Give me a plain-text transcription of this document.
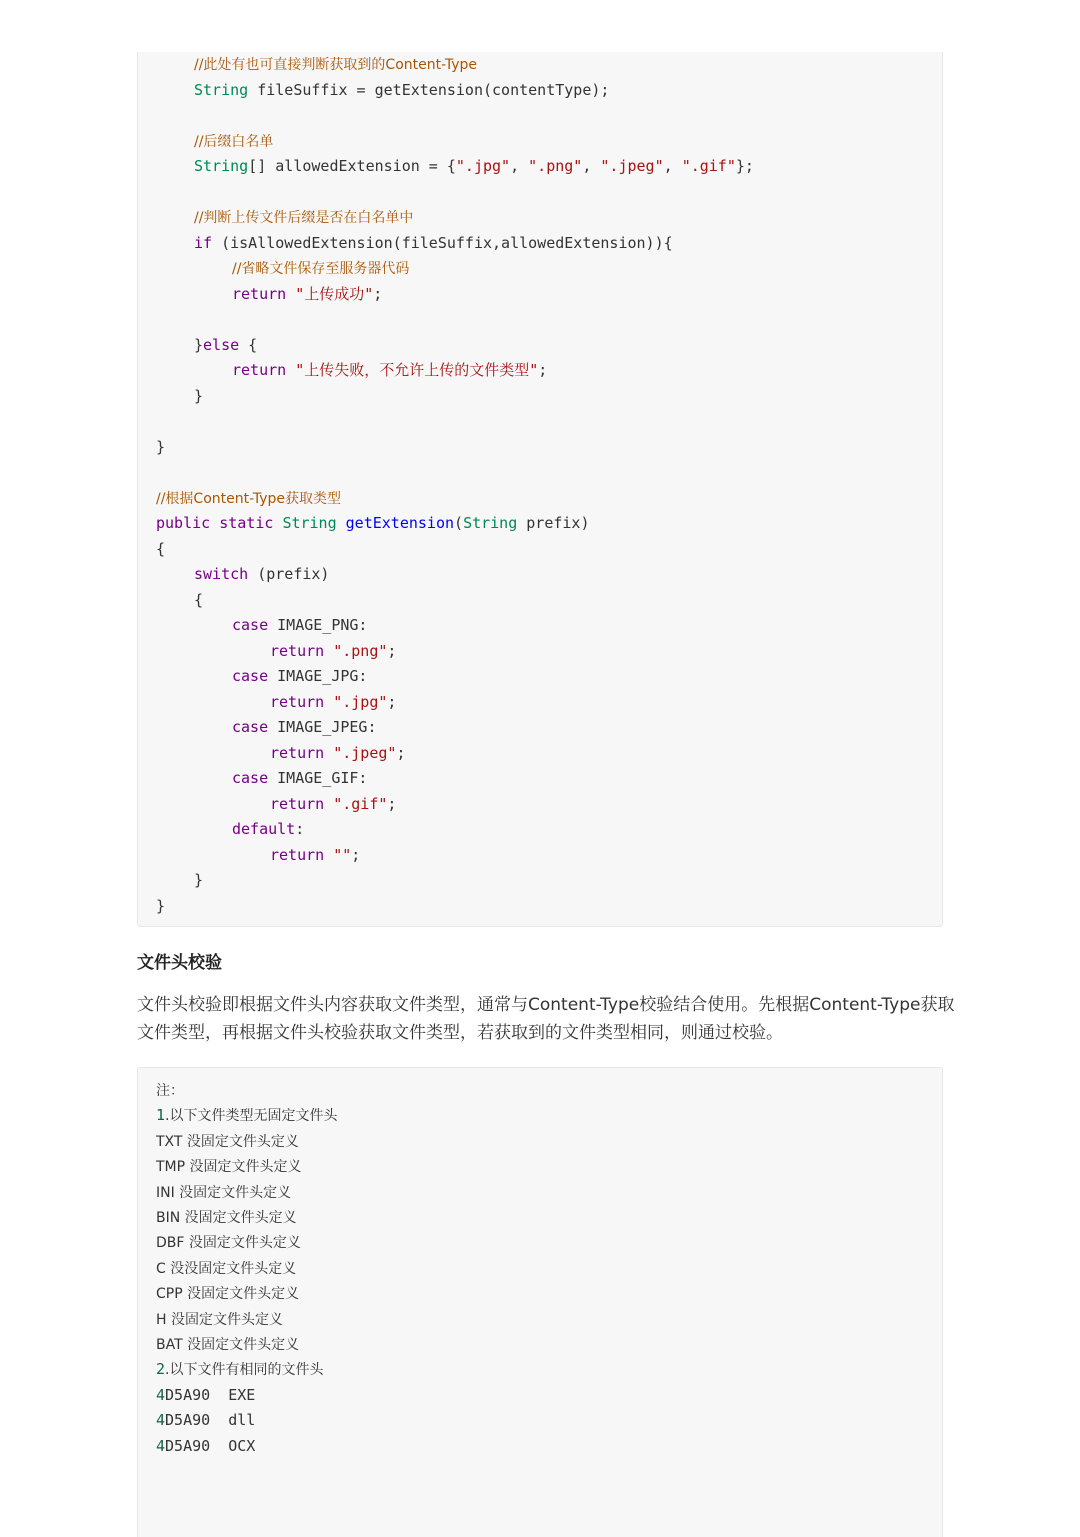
//此处有也可直接判断获取到的Content-Type
String fileSuffix = getExtension(contentType);
//后缀白名单
String[] allowedExtension = {".jpg", ".png", ".jpeg", ".gif"};
//判断上传文件后缀是否在白名单中
if (isAllowedExtension(fileSuffix,allowedExtension)){
//省略文件保存至服务器代码
return "上传成功";
}else {
return "上传失败，不允许上传的文件类型";
}
}
//根据Content-Type获取类型
public static String getExtension(String prefix)
{
switch (prefix)
{
case IMAGE_PNG:
return ".png";
case IMAGE_JPG:
return ".jpg";
case IMAGE_JPEG:
return ".jpeg";
case IMAGE_GIF:
return ".gif";
default:
return "";
}
}
文件头校验
文件头校验即根据文件头内容获取文件类型，通常与Content-Type校验结合使用。先根据Content-Type获取文件类型，再根据文件头校验获取文件类型，若获取到的文件类型相同，则通过校验。
注：
1.以下文件类型无固定文件头
TXT 没固定文件头定义
TMP 没固定文件头定义
INI 没固定文件头定义
BIN 没固定文件头定义
DBF 没固定文件头定义
C 没没固定文件头定义
CPP 没固定文件头定义
H 没固定文件头定义
BAT 没固定文件头定义
2.以下文件有相同的文件头
4D5A90  EXE
4D5A90  dll
4D5A90  OCX
